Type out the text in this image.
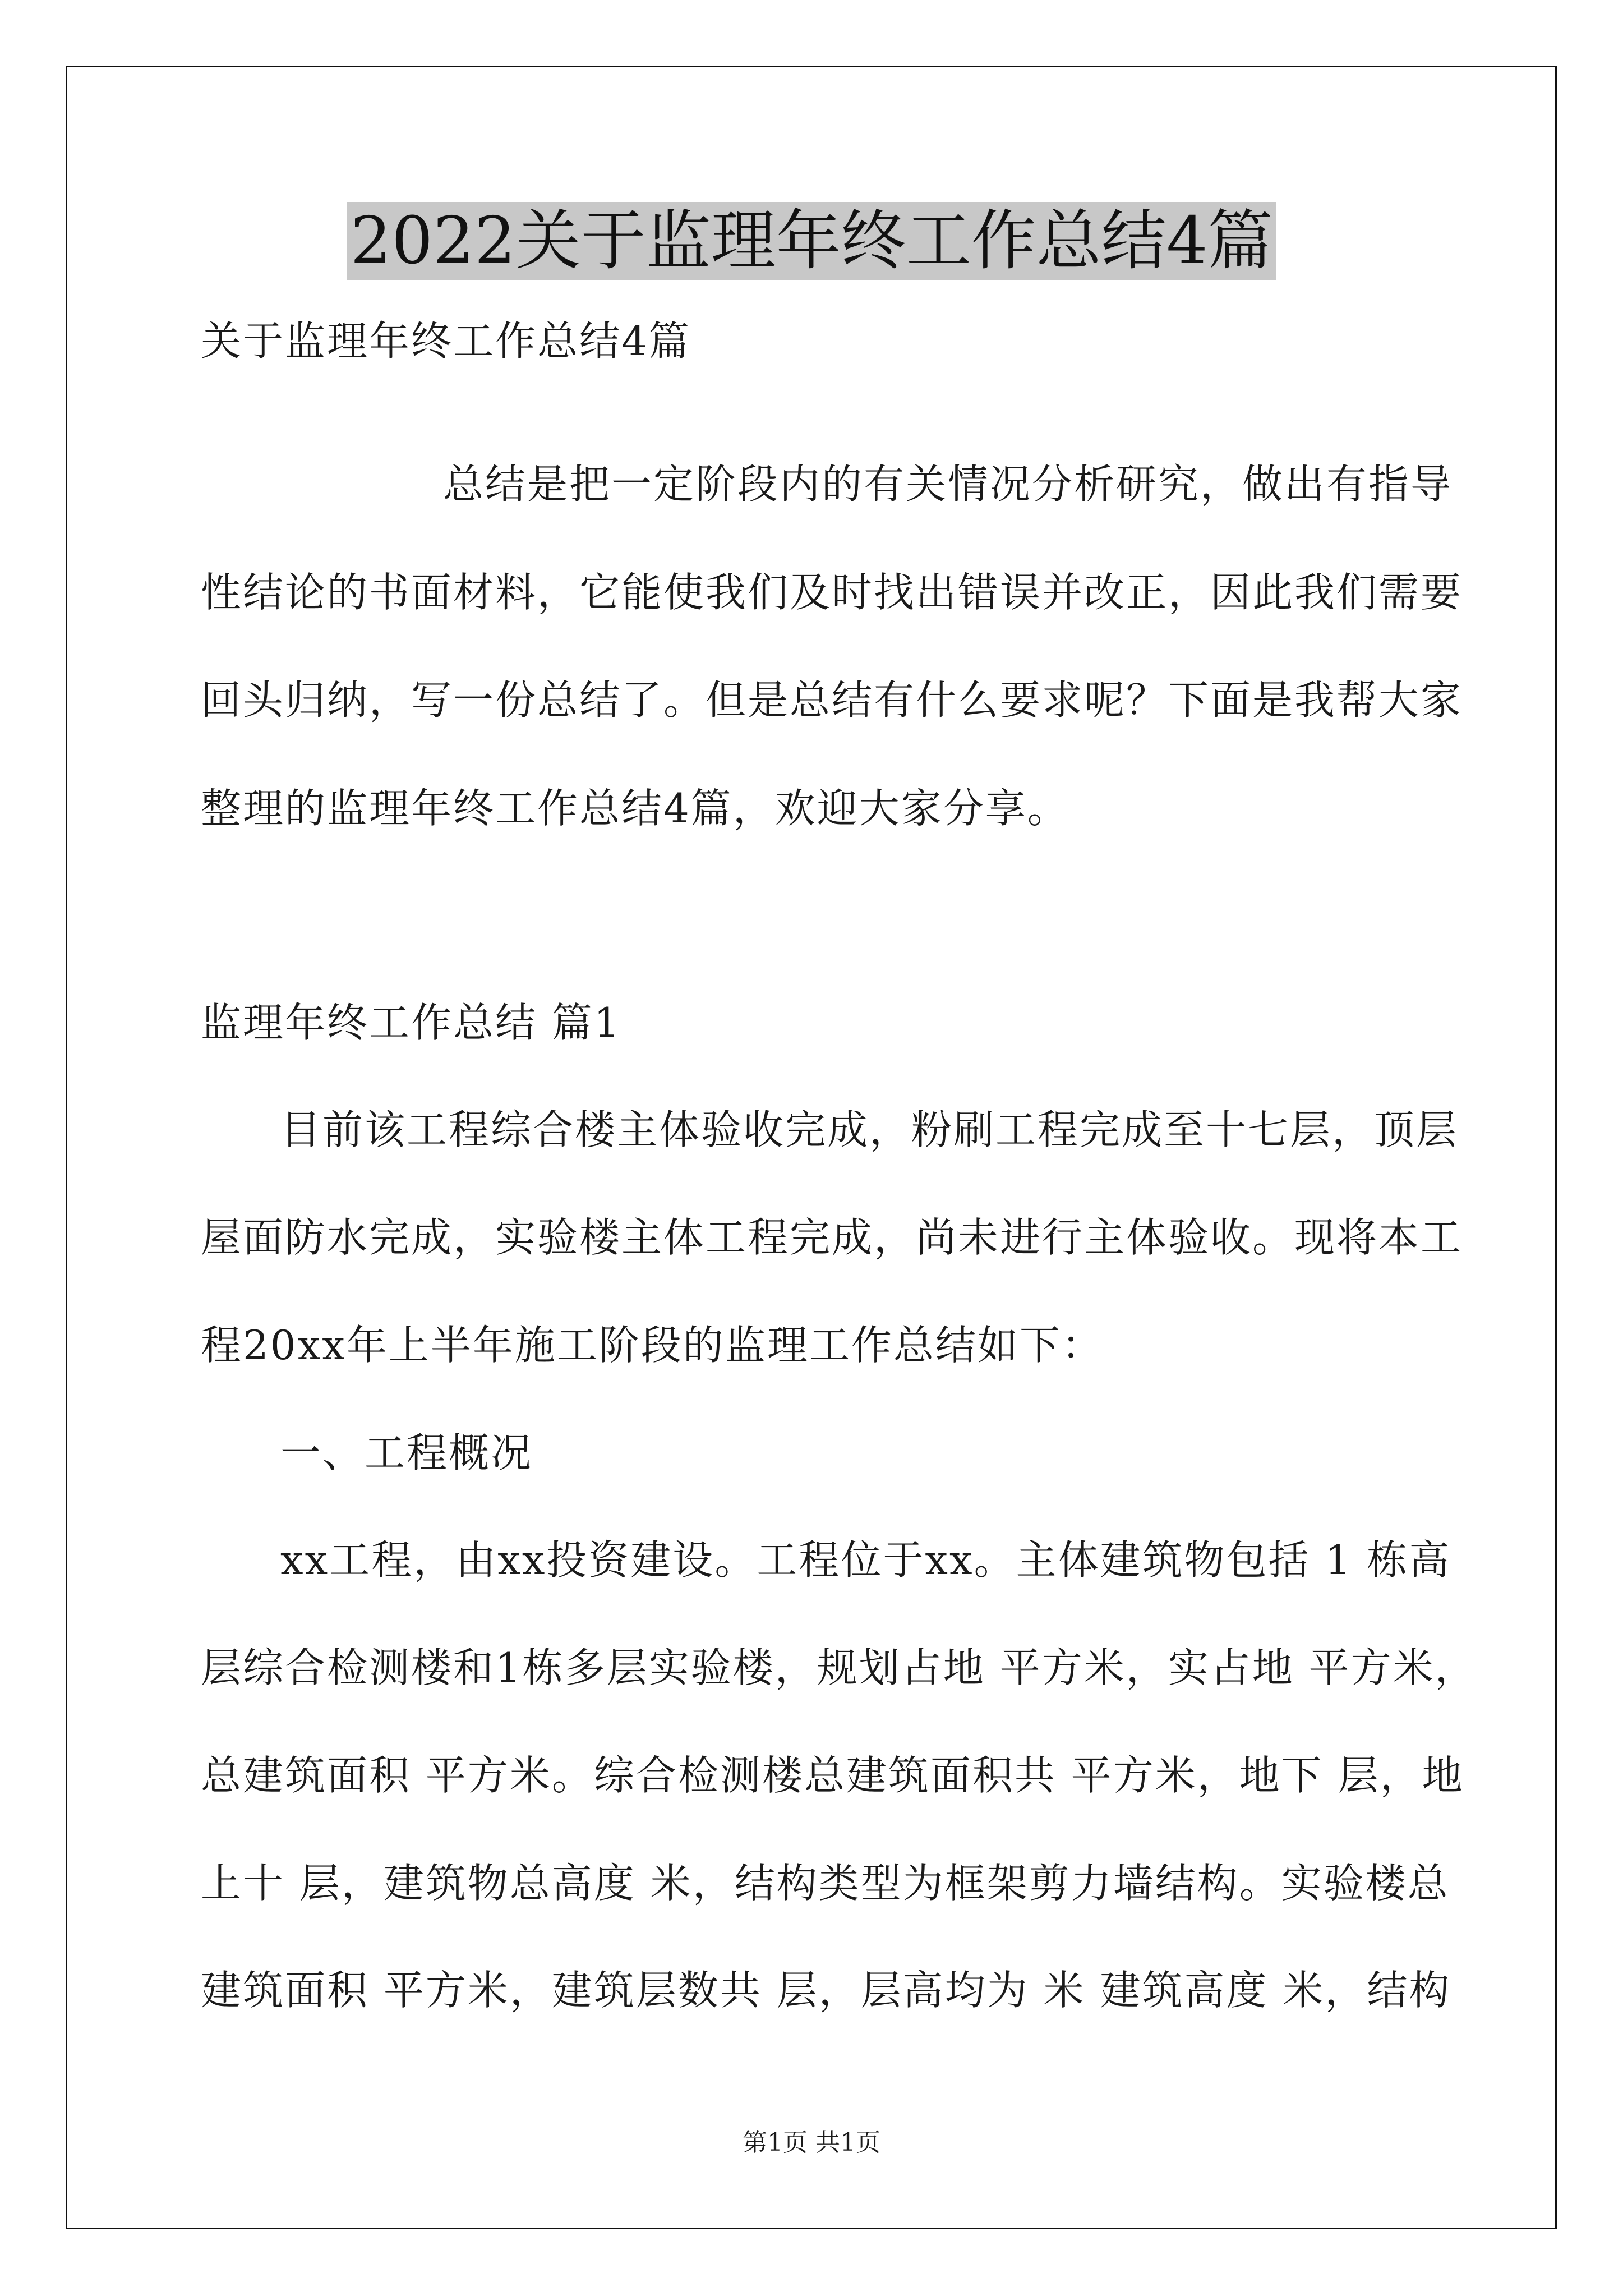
2022关于监理年终工作总结4篇
关于监理年终工作总结4篇
总结是把一定阶段内的有关情况分析研究，做出有指导
性结论的书面材料，它能使我们及时找出错误并改正，因此我们需要
回头归纳，写一份总结了。但是总结有什么要求呢？下面是我帮大家
整理的监理年终工作总结4篇，欢迎大家分享。
监理年终工作总结 篇1
目前该工程综合楼主体验收完成，粉刷工程完成至十七层，顶层
屋面防水完成，实验楼主体工程完成，尚未进行主体验收。现将本工
程20xx年上半年施工阶段的监理工作总结如下：
一、工程概况
xx工程，由xx投资建设。工程位于xx。主体建筑物包括 1 栋高
层综合检测楼和1栋多层实验楼，规划占地 平方米，实占地 平方米，
总建筑面积 平方米。综合检测楼总建筑面积共 平方米，地下 层，地
上十 层，建筑物总高度 米，结构类型为框架剪力墙结构。实验楼总
建筑面积 平方米，建筑层数共 层，层高均为 米 建筑高度 米，结构
第1页 共1页
